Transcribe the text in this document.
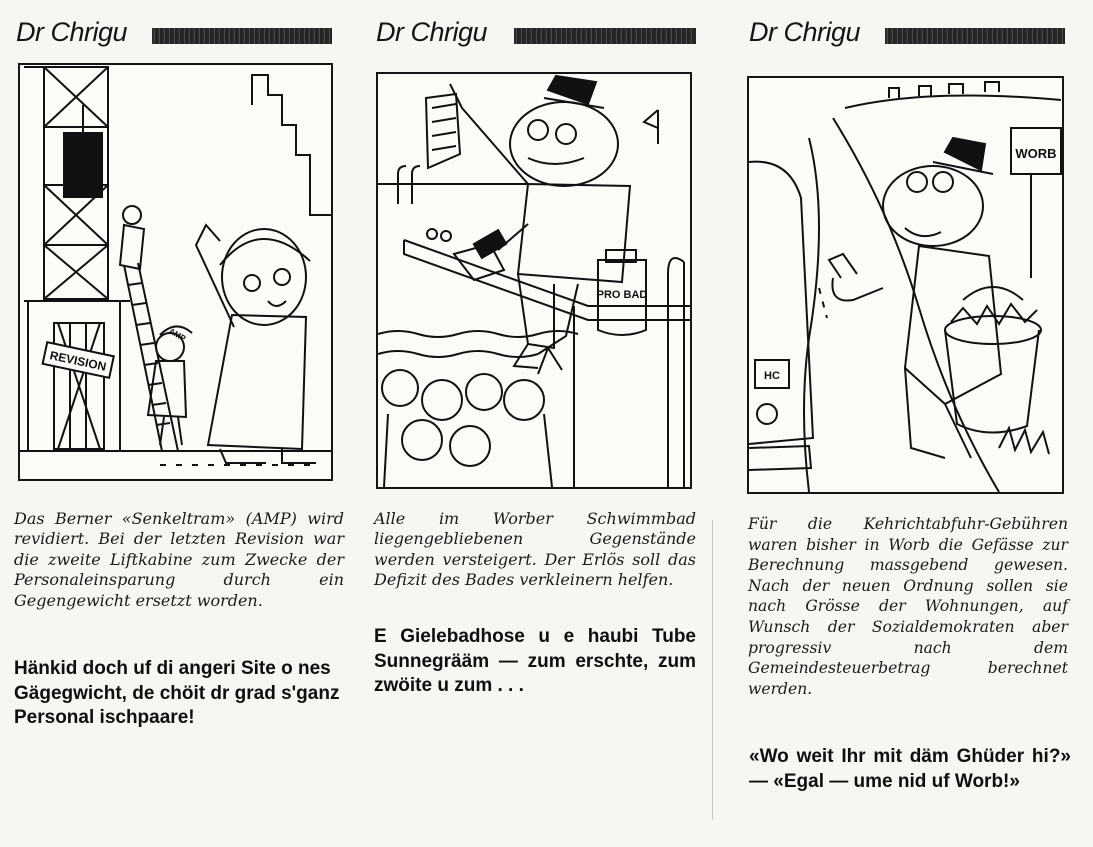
Dr Chrigu
REVISION
AMP

Das Berner «Senkeltram» (AMP) wird revidiert. Bei der letzten Revision war die zweite Liftkabine zum Zwecke der Personaleinsparung durch ein Gegengewicht ersetzt worden.

Hänkid doch uf di angeri Site o nes Gägegwicht, de chöit dr grad s'ganz Personal ischpaare!

Dr Chrigu
PRO BAD

Alle im Worber Schwimmbad liegengebliebenen Gegenstände werden versteigert. Der Erlös soll das Defizit des Bades verkleinern helfen.

E Gielebadhose u e haubi Tube Sunnegrääm — zum erschte, zum zwöite u zum . . .

Dr Chrigu
WORB
HC

Für die Kehrichtabfuhr-Gebühren waren bisher in Worb die Gefässe zur Berechnung massgebend gewesen. Nach der neuen Ordnung sollen sie nach Grösse der Wohnungen, auf Wunsch der Sozialdemokraten aber progressiv nach dem Gemeindesteuerbetrag berechnet werden.

«Wo weit Ihr mit däm Ghüder hi?» — «Egal — ume nid uf Worb!»
